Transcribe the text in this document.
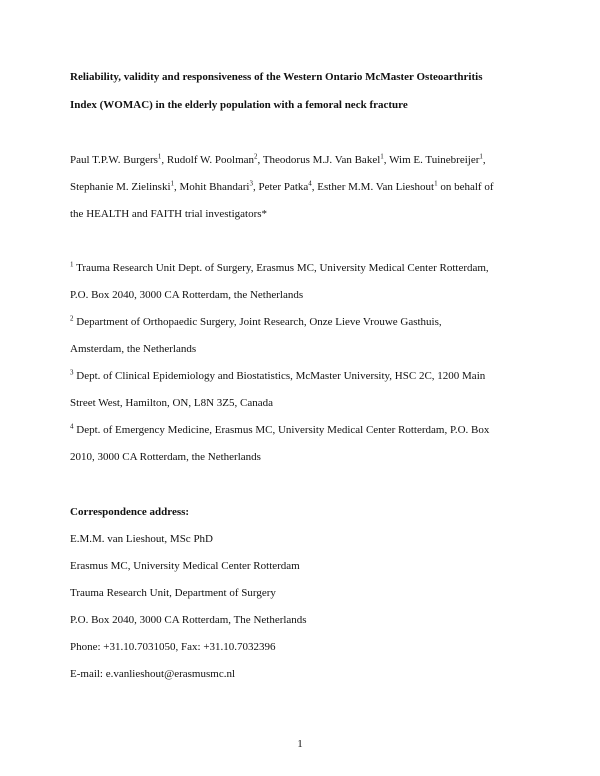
Reliability, validity and responsiveness of the Western Ontario McMaster Osteoarthritis
Index (WOMAC) in the elderly population with a femoral neck fracture
Paul T.P.W. Burgers$^1$, Rudolf W. Poolman$^2$, Theodorus M.J. Van Bakel$^1$, Wim E. Tuinebreijer$^1$,
Stephanie M. Zielinski$^1$, Mohit Bhandari$^3$, Peter Patka$^4$, Esther M.M. Van Lieshout$^1$ on behalf of
the HEALTH and FAITH trial investigators*
$^1$ Trauma Research Unit Dept. of Surgery, Erasmus MC, University Medical Center Rotterdam,
P.O. Box 2040, 3000 CA Rotterdam, the Netherlands
$^2$ Department of Orthopaedic Surgery, Joint Research, Onze Lieve Vrouwe Gasthuis,
Amsterdam, the Netherlands
$^3$ Dept. of Clinical Epidemiology and Biostatistics, McMaster University, HSC 2C, 1200 Main
Street West, Hamilton, ON, L8N 3Z5, Canada
$^4$ Dept. of Emergency Medicine, Erasmus MC, University Medical Center Rotterdam, P.O. Box
2010, 3000 CA Rotterdam, the Netherlands
Correspondence address:
E.M.M. van Lieshout, MSc PhD
Erasmus MC, University Medical Center Rotterdam
Trauma Research Unit, Department of Surgery
P.O. Box 2040, 3000 CA Rotterdam, The Netherlands
Phone: +31.10.7031050, Fax: +31.10.7032396
E-mail: e.vanlieshout@erasmusmc.nl
1
